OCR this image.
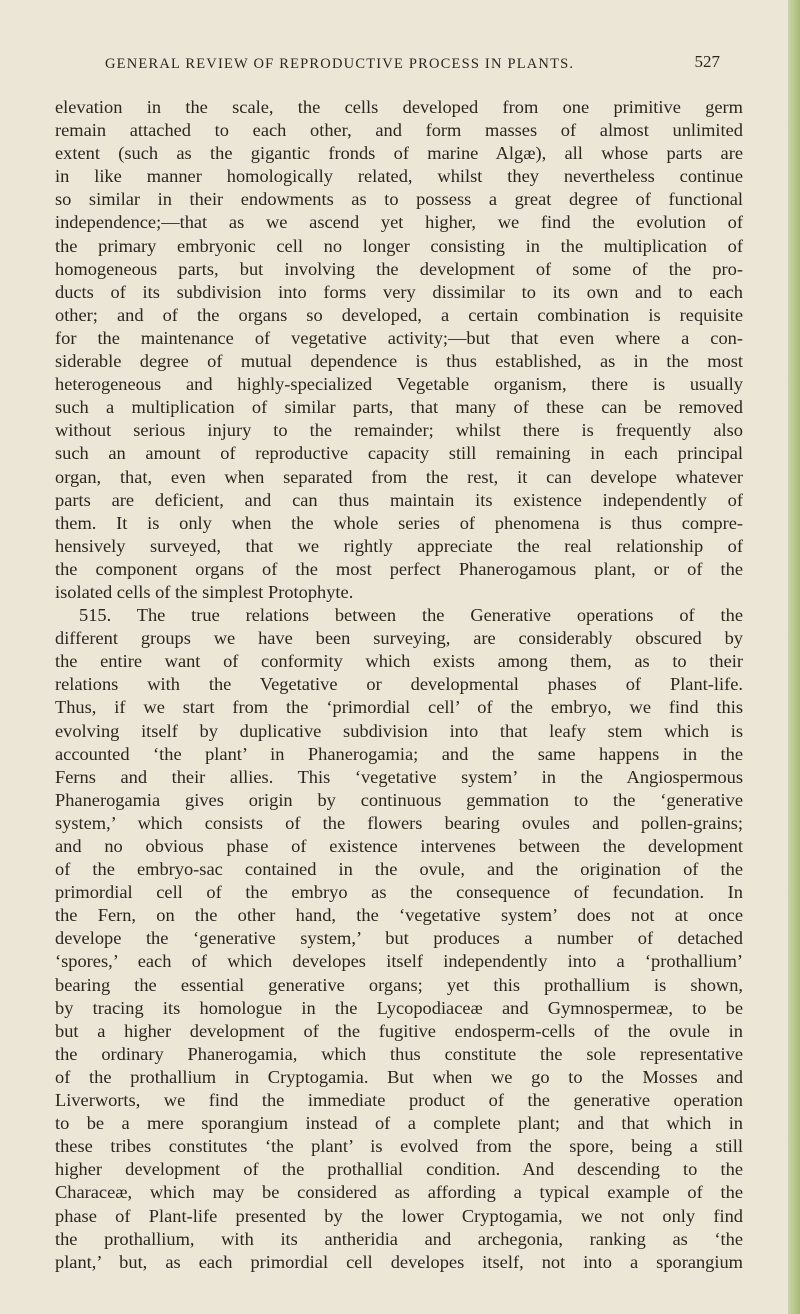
GENERAL REVIEW OF REPRODUCTIVE PROCESS IN PLANTS.	527
elevation in the scale, the cells developed from one primitive germ
remain attached to each other, and form masses of almost unlimited
extent (such as the gigantic fronds of marine Algæ), all whose parts are
in like manner homologically related, whilst they nevertheless continue
so similar in their endowments as to possess a great degree of functional
independence;—that as we ascend yet higher, we find the evolution of
the primary embryonic cell no longer consisting in the multiplication of
homogeneous parts, but involving the development of some of the pro-
ducts of its subdivision into forms very dissimilar to its own and to each
other; and of the organs so developed, a certain combination is requisite
for the maintenance of vegetative activity;—but that even where a con-
siderable degree of mutual dependence is thus established, as in the most
heterogeneous and highly-specialized Vegetable organism, there is usually
such a multiplication of similar parts, that many of these can be removed
without serious injury to the remainder; whilst there is frequently also
such an amount of reproductive capacity still remaining in each principal
organ, that, even when separated from the rest, it can develope whatever
parts are deficient, and can thus maintain its existence independently of
them. It is only when the whole series of phenomena is thus compre-
hensively surveyed, that we rightly appreciate the real relationship of
the component organs of the most perfect Phanerogamous plant, or of the
isolated cells of the simplest Protophyte.
515. The true relations between the Generative operations of the
different groups we have been surveying, are considerably obscured by
the entire want of conformity which exists among them, as to their
relations with the Vegetative or developmental phases of Plant-life.
Thus, if we start from the ‘primordial cell’ of the embryo, we find this
evolving itself by duplicative subdivision into that leafy stem which is
accounted ‘the plant’ in Phanerogamia; and the same happens in the
Ferns and their allies. This ‘vegetative system’ in the Angiospermous
Phanerogamia gives origin by continuous gemmation to the ‘generative
system,’ which consists of the flowers bearing ovules and pollen-grains;
and no obvious phase of existence intervenes between the development
of the embryo-sac contained in the ovule, and the origination of the
primordial cell of the embryo as the consequence of fecundation. In
the Fern, on the other hand, the ‘vegetative system’ does not at once
develope the ‘generative system,’ but produces a number of detached
‘spores,’ each of which developes itself independently into a ‘prothallium’
bearing the essential generative organs; yet this prothallium is shown,
by tracing its homologue in the Lycopodiaceæ and Gymnospermeæ, to be
but a higher development of the fugitive endosperm-cells of the ovule in
the ordinary Phanerogamia, which thus constitute the sole representative
of the prothallium in Cryptogamia. But when we go to the Mosses and
Liverworts, we find the immediate product of the generative operation
to be a mere sporangium instead of a complete plant; and that which in
these tribes constitutes ‘the plant’ is evolved from the spore, being a still
higher development of the prothallial condition. And descending to the
Characeæ, which may be considered as affording a typical example of the
phase of Plant-life presented by the lower Cryptogamia, we not only find
the prothallium, with its antheridia and archegonia, ranking as ‘the
plant,’ but, as each primordial cell developes itself, not into a sporangium
